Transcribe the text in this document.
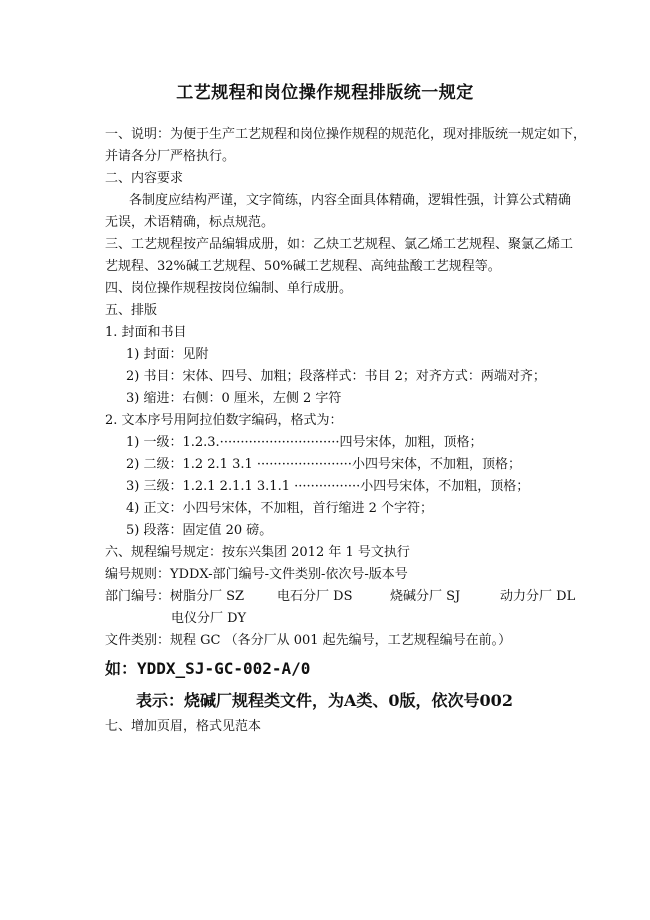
工艺规程和岗位操作规程排版统一规定
一、说明：为便于生产工艺规程和岗位操作规程的规范化，现对排版统一规定如下，
并请各分厂严格执行。
二、内容要求
各制度应结构严谨，文字简练，内容全面具体精确，逻辑性强，计算公式精确
无误，术语精确，标点规范。
三、工艺规程按产品编辑成册，如：乙炔工艺规程、氯乙烯工艺规程、聚氯乙烯工
艺规程、32%碱工艺规程、50%碱工艺规程、高纯盐酸工艺规程等。
四、岗位操作规程按岗位编制、单行成册。
五、排版
1. 封面和书目
1) 封面：见附
2) 书目：宋体、四号、加粗；段落样式：书目 2；对齐方式：两端对齐；
3) 缩进：右侧：0 厘米，左侧 2 字符
2. 文本序号用阿拉伯数字编码，格式为：
1) 一级：1.2.3.·····························四号宋体，加粗，顶格；
2) 二级：1.2 2.1 3.1 ·······················小四号宋体，不加粗，顶格；
3) 三级：1.2.1 2.1.1 3.1.1 ················小四号宋体，不加粗，顶格；
4) 正文：小四号宋体，不加粗，首行缩进 2 个字符；
5) 段落：固定值 20 磅。
六、规程编号规定：按东兴集团 2012 年 1 号文执行
编号规则：YDDX-部门编号-文件类别-依次号-版本号
部门编号：树脂分厂 SZ	电石分厂 DS	烧碱分厂 SJ	动力分厂 DL
电仪分厂 DY
文件类别：规程 GC （各分厂从 001 起先编号，工艺规程编号在前。）
如：YDDX_SJ-GC-002-A/0
表示：烧碱厂规程类文件，为A类、0版，依次号002
七、增加页眉，格式见范本
